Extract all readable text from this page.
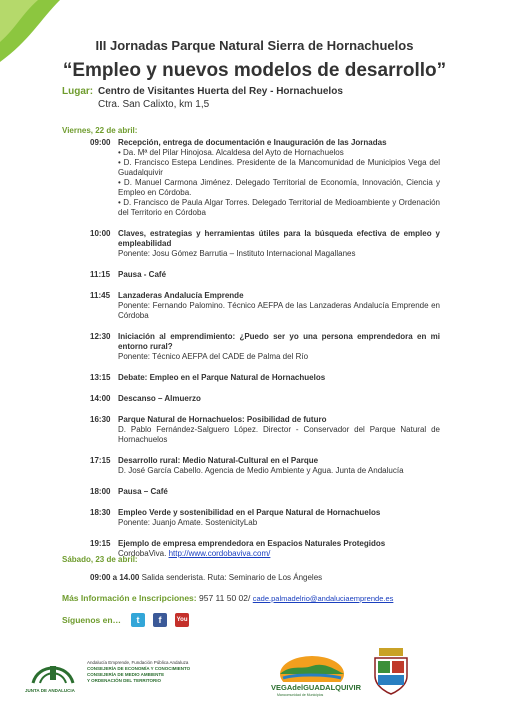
III Jornadas Parque Natural Sierra de Hornachuelos
“Empleo y nuevos modelos de desarrollo”
Lugar: Centro de Visitantes Huerta del Rey - Hornachuelos
Ctra. San Calixto, km 1,5
Viernes, 22 de abril:
09:00 Recepción, entrega de documentación e Inauguración de las Jornadas
• Da. Mª del Pilar Hinojosa. Alcaldesa del Ayto de Hornachuelos
• D. Francisco Estepa Lendines. Presidente de la Mancomunidad de Municipios Vega del Guadalquivir
• D. Manuel Carmona Jiménez. Delegado Territorial de Economía, Innovación, Ciencia y Empleo en Córdoba.
• D. Francisco de Paula Algar Torres. Delegado Territorial de Medioambiente y Ordenación del Territorio en Córdoba
10:00 Claves, estrategias y herramientas útiles para la búsqueda efectiva de empleo y empleabilidad
Ponente: Josu Gómez Barrutia – Instituto Internacional Magallanes
11:15 Pausa - Café
11:45 Lanzaderas Andalucía Emprende
Ponente: Fernando Palomino. Técnico AEFPA de las Lanzaderas Andalucía Emprende en Córdoba
12:30 Iniciación al emprendimiento: ¿Puedo ser yo una persona emprendedora en mi entorno rural?
Ponente: Técnico AEFPA del CADE de Palma del Río
13:15 Debate: Empleo en el Parque Natural de Hornachuelos
14:00 Descanso – Almuerzo
16:30 Parque Natural de Hornachuelos: Posibilidad de futuro
D. Pablo Fernández-Salguero López. Director - Conservador del Parque Natural de Hornachuelos
17:15 Desarrollo rural: Medio Natural-Cultural en el Parque
D. José García Cabello. Agencia de Medio Ambiente y Agua. Junta de Andalucía
18:00 Pausa – Café
18:30 Empleo Verde y sostenibilidad en el Parque Natural de Hornachuelos
Ponente: Juanjo Amate. SostenicityLab
19:15 Ejemplo de empresa emprendedora en Espacios Naturales Protegidos
CordobaViva. http://www.cordobaviva.com/
Sábado, 23 de abril:
09:00 a 14.00 Salida senderista. Ruta: Seminario de Los Ángeles
Más Información e Inscripciones: 957 11 50 02/ cade.palmadelrio@andaluciaemprende.es
Síguenos en…	t	f	You
JUNTA DE ANDALUCIA
Andalucía Emprende, Fundación Pública Andaluza
CONSEJERÍA DE ECONOMÍA Y CONOCIMIENTO
CONSEJERÍA DE MEDIO AMBIENTE
Y ORDENACIÓN DEL TERRITORIO
VEGAdelGUADALQUIVIR
Mancomunidad de Municipios
